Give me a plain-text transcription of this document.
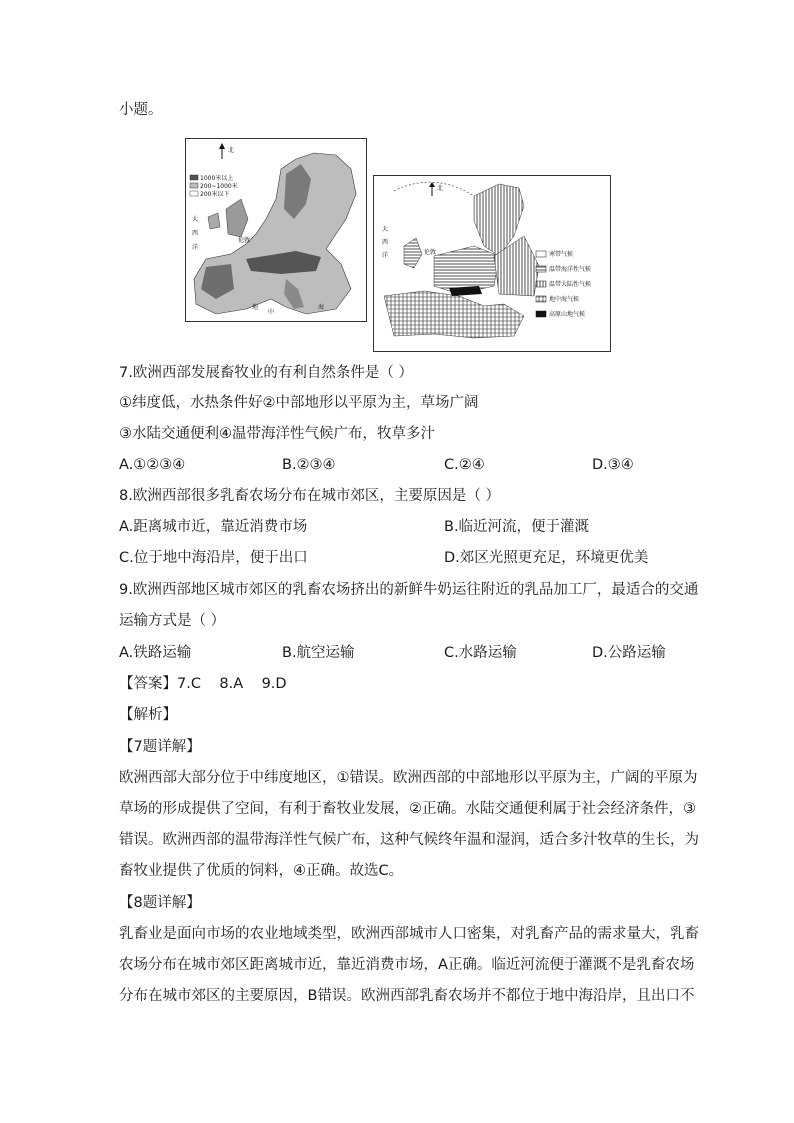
小题。
北
1000米以上
200~1000米
200米以下
大
西
洋
伦敦
地
中
海
北
大
西
洋	伦敦	寒带气候
温带海洋性气候
温带大陆性气候
地中海气候
高原山地气候
7.欧洲西部发展畜牧业的有利自然条件是（ ）
①纬度低，水热条件好②中部地形以平原为主，草场广阔
③水陆交通便利④温带海洋性气候广布，牧草多汁
A.①②③④	B.②③④	C.②④	D.③④
8.欧洲西部很多乳畜农场分布在城市郊区，主要原因是（ ）
A.距离城市近，靠近消费市场	B.临近河流，便于灌溉
C.位于地中海沿岸，便于出口	D.郊区光照更充足，环境更优美
9.欧洲西部地区城市郊区的乳畜农场挤出的新鲜牛奶运往附近的乳品加工厂，最适合的交通
运输方式是（ ）
A.铁路运输	B.航空运输	C.水路运输	D.公路运输
【答案】7.C    8.A    9.D
【解析】
【7题详解】
欧洲西部大部分位于中纬度地区，①错误。欧洲西部的中部地形以平原为主，广阔的平原为
草场的形成提供了空间，有利于畜牧业发展，②正确。水陆交通便利属于社会经济条件，③
错误。欧洲西部的温带海洋性气候广布，这种气候终年温和湿润，适合多汁牧草的生长，为
畜牧业提供了优质的饲料，④正确。故选C。
【8题详解】
乳畜业是面向市场的农业地域类型，欧洲西部城市人口密集，对乳畜产品的需求量大，乳畜
农场分布在城市郊区距离城市近，靠近消费市场，A正确。临近河流便于灌溉不是乳畜农场
分布在城市郊区的主要原因，B错误。欧洲西部乳畜农场并不都位于地中海沿岸，且出口不
